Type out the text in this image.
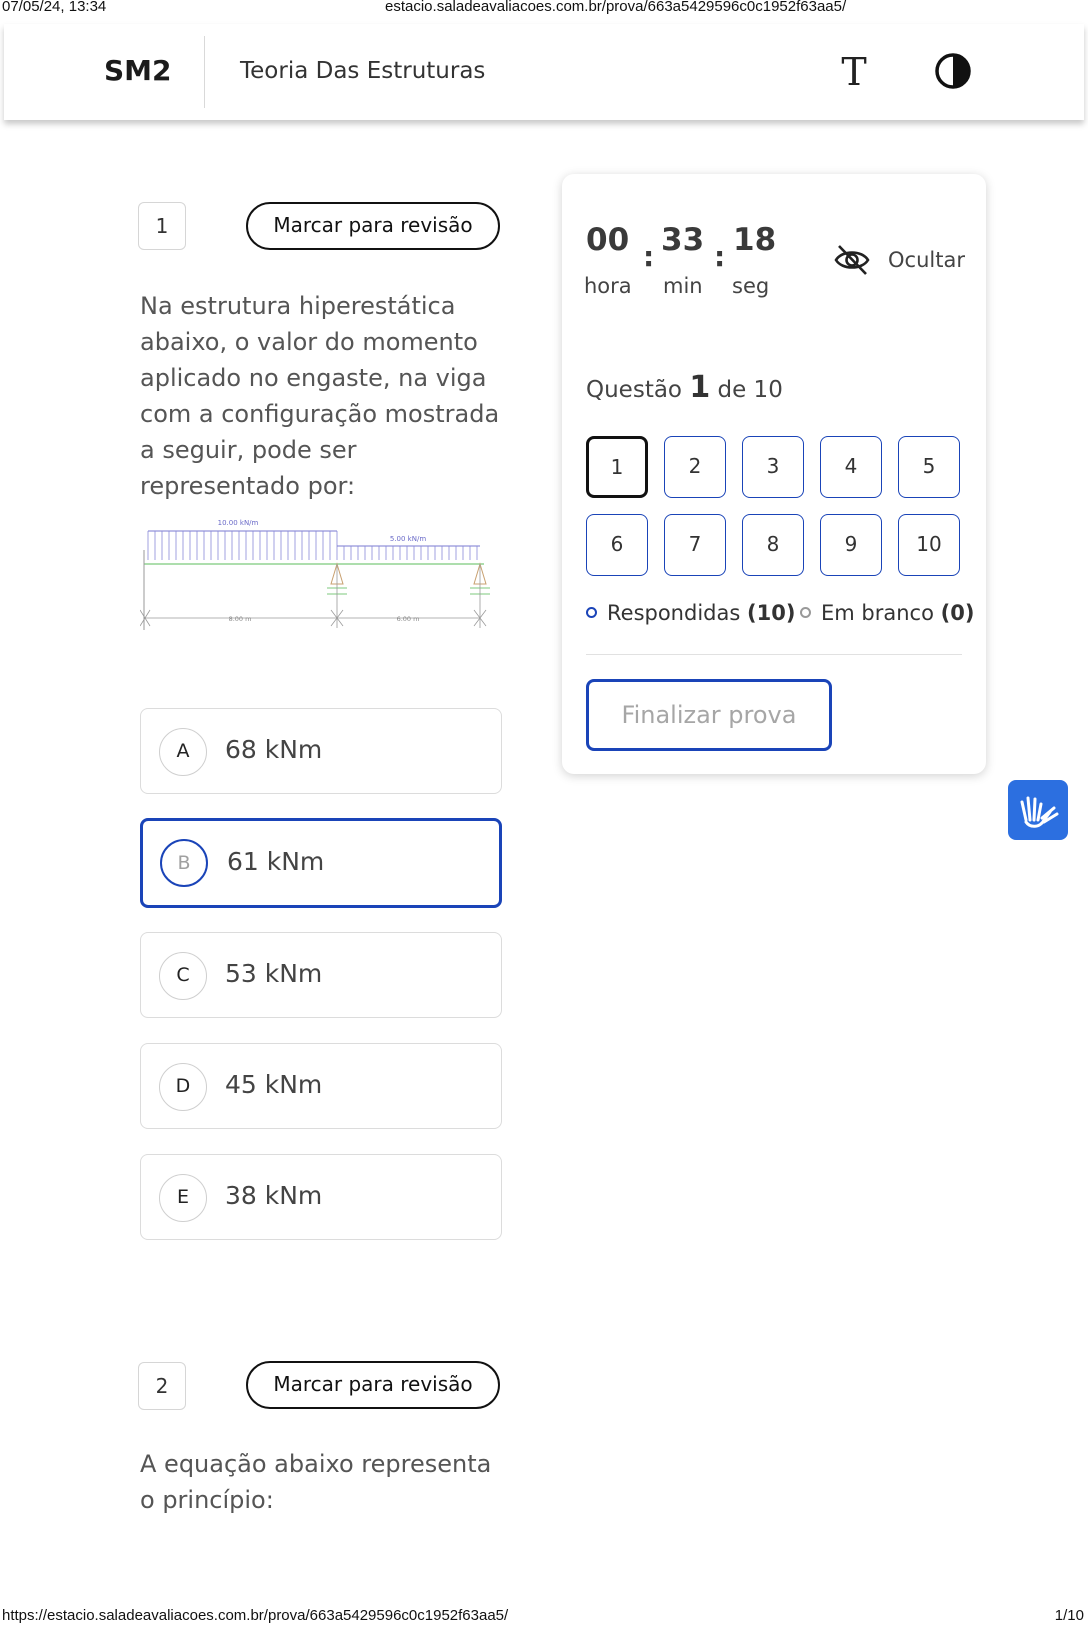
07/05/24, 13:34	estacio.saladeavaliacoes.com.br/prova/663a5429596c0c1952f63aa5/
SM2	Teoria Das Estruturas	T
1	Marcar para revisão
Na estrutura hiperestática abaixo, o valor do momento aplicado no engaste, na viga com a configuração mostrada a seguir, pode ser representado por:
10.00 kN/m
5.00 kN/m
8.00 m	6.00 m
A	68 kNm
B	61 kNm
C	53 kNm
D	45 kNm
E	38 kNm
2	Marcar para revisão
A equação abaixo representa o princípio:
00 : 33 : 18
hora min seg
Ocultar
Questão 1 de 10
1	2	3	4	5
6	7	8	9	10
Respondidas (10)	Em branco (0)
Finalizar prova
https://estacio.saladeavaliacoes.com.br/prova/663a5429596c0c1952f63aa5/	1/10
